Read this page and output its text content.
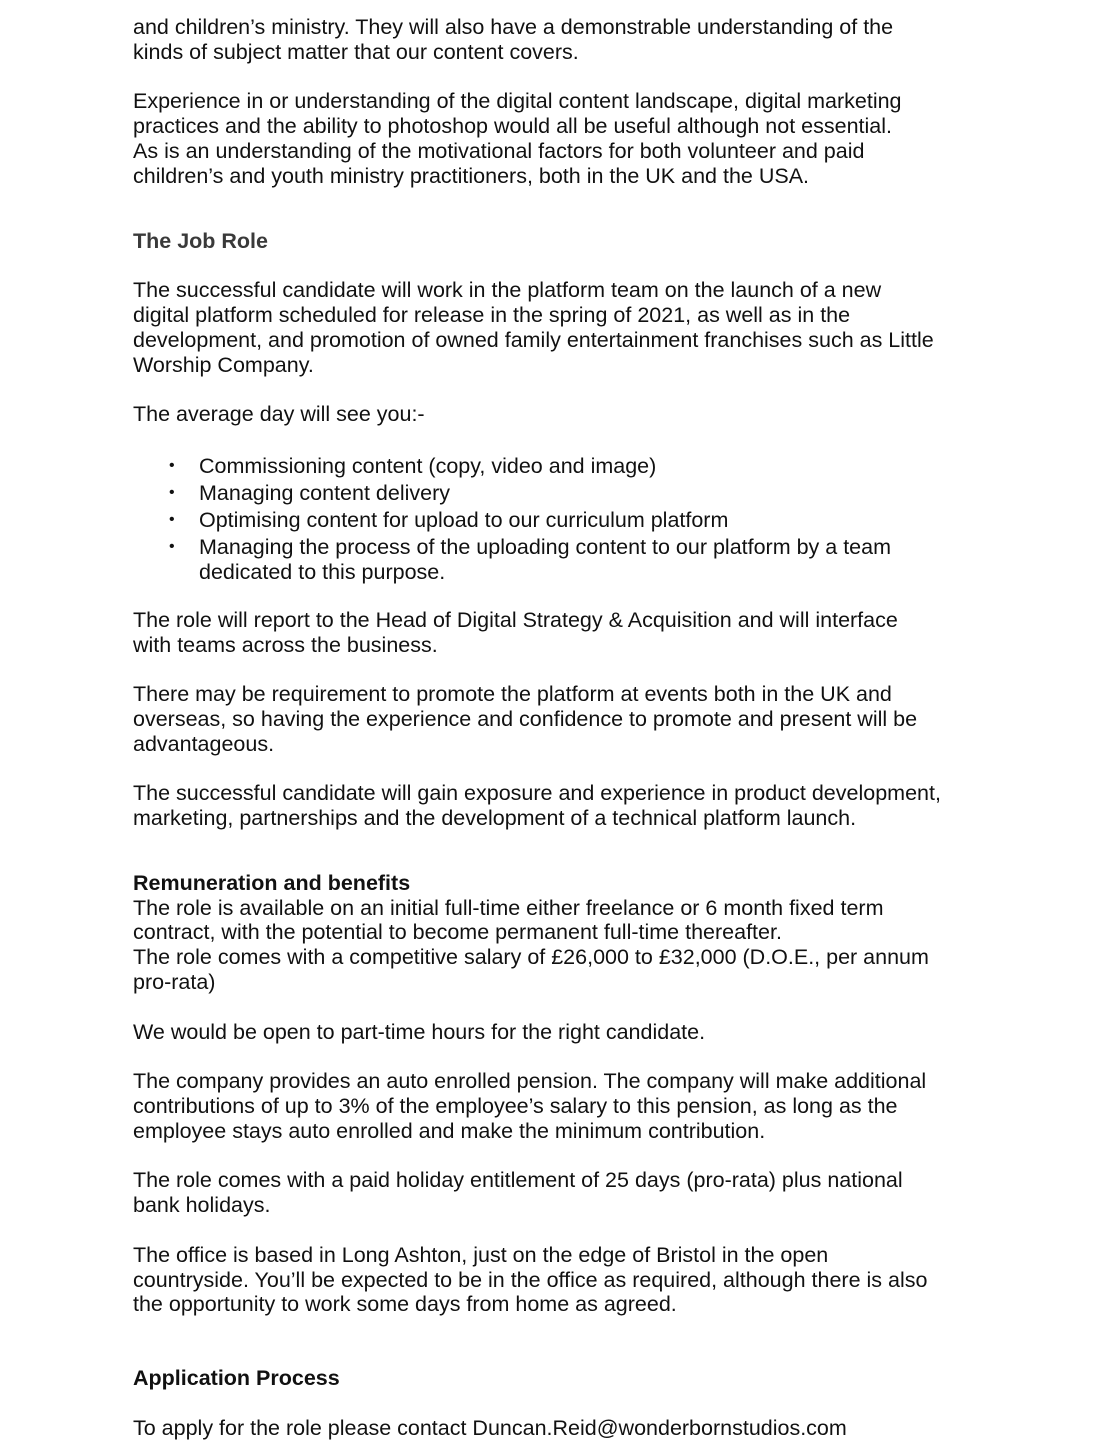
and children’s ministry. They will also have a demonstrable understanding of the
kinds of subject matter that our content covers.

Experience in or understanding of the digital content landscape, digital marketing
practices and the ability to photoshop would all be useful although not essential.
As is an understanding of the motivational factors for both volunteer and paid
children’s and youth ministry practitioners, both in the UK and the USA.

The Job Role

The successful candidate will work in the platform team on the launch of a new
digital platform scheduled for release in the spring of 2021, as well as in the
development, and promotion of owned family entertainment franchises such as Little
Worship Company.

The average day will see you:-

• Commissioning content (copy, video and image)
• Managing content delivery
• Optimising content for upload to our curriculum platform
• Managing the process of the uploading content to our platform by a team
dedicated to this purpose.

The role will report to the Head of Digital Strategy & Acquisition and will interface
with teams across the business.

There may be requirement to promote the platform at events both in the UK and
overseas, so having the experience and confidence to promote and present will be
advantageous.

The successful candidate will gain exposure and experience in product development,
marketing, partnerships and the development of a technical platform launch.

Remuneration and benefits

The role is available on an initial full-time either freelance or 6 month fixed term
contract, with the potential to become permanent full-time thereafter.
The role comes with a competitive salary of £26,000 to £32,000 (D.O.E., per annum
pro-rata)

We would be open to part-time hours for the right candidate.

The company provides an auto enrolled pension. The company will make additional
contributions of up to 3% of the employee’s salary to this pension, as long as the
employee stays auto enrolled and make the minimum contribution.

The role comes with a paid holiday entitlement of 25 days (pro-rata) plus national
bank holidays.

The office is based in Long Ashton, just on the edge of Bristol in the open
countryside. You’ll be expected to be in the office as required, although there is also
the opportunity to work some days from home as agreed.

Application Process

To apply for the role please contact Duncan.Reid@wonderbornstudios.com
